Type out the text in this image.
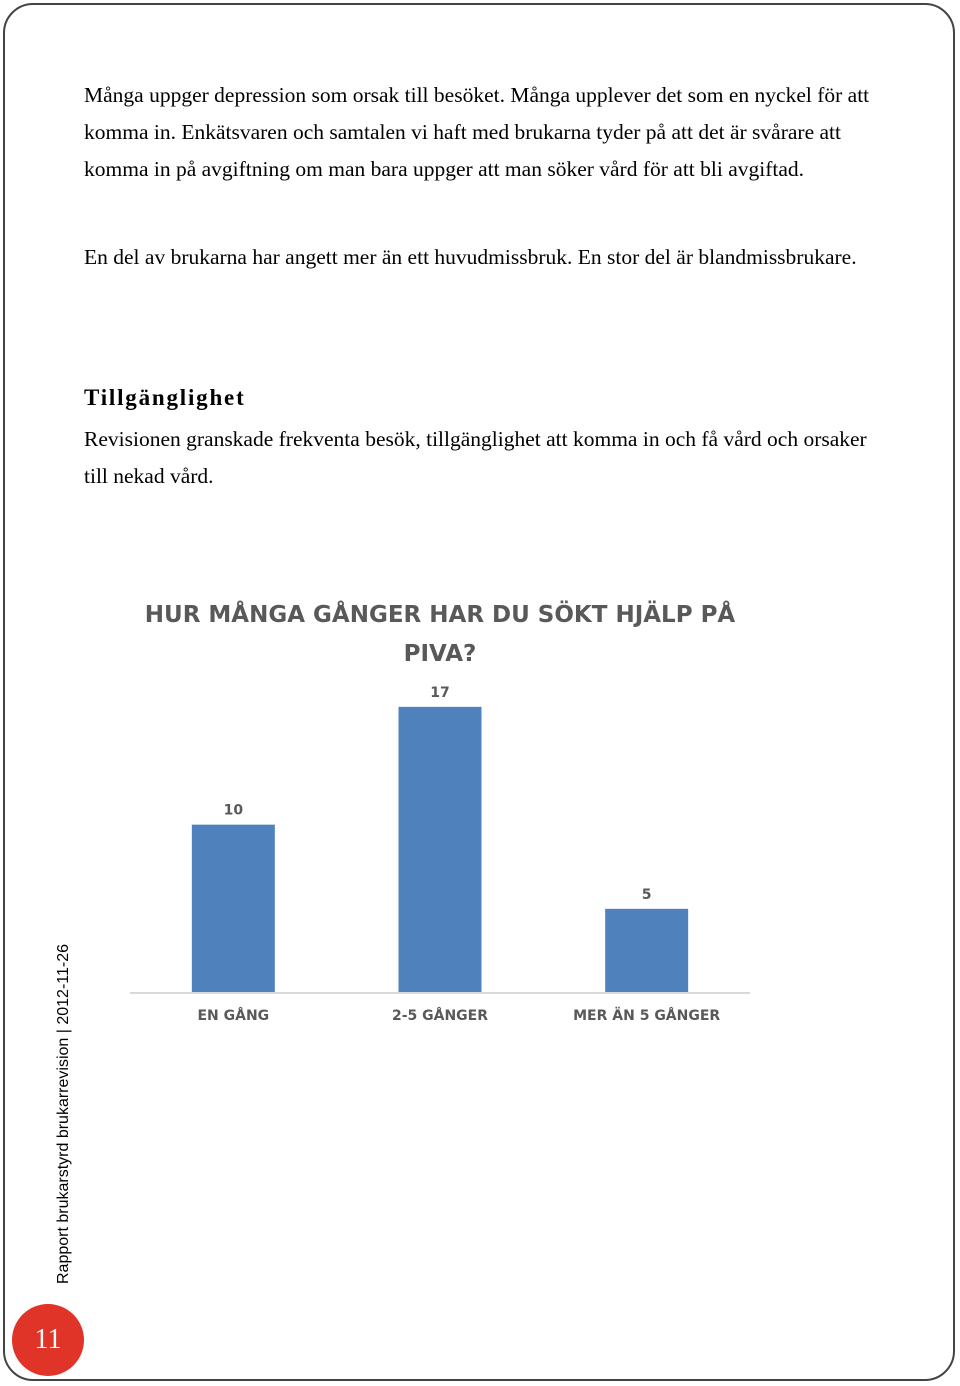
Många uppger depression som orsak till besöket. Många upplever det som en nyckel för att komma in. Enkätsvaren och samtalen vi haft med brukarna tyder på att det är svårare att komma in på avgiftning om man bara uppger att man söker vård för att bli avgiftad.

En del av brukarna har angett mer än ett huvudmissbruk. En stor del är blandmissbrukare.

Tillgänglighet

Revisionen granskade frekventa besök, tillgänglighet att komma in och få vård och orsaker till nekad vård.

HUR MÅNGA GÅNGER HAR DU SÖKT HJÄLP PÅ
PIVA?
10
EN GÅNG
17
2-5 GÅNGER
5
MER ÄN 5 GÅNGER
Rapport brukarstyrd brukarrevision | 2012-11-26
11
